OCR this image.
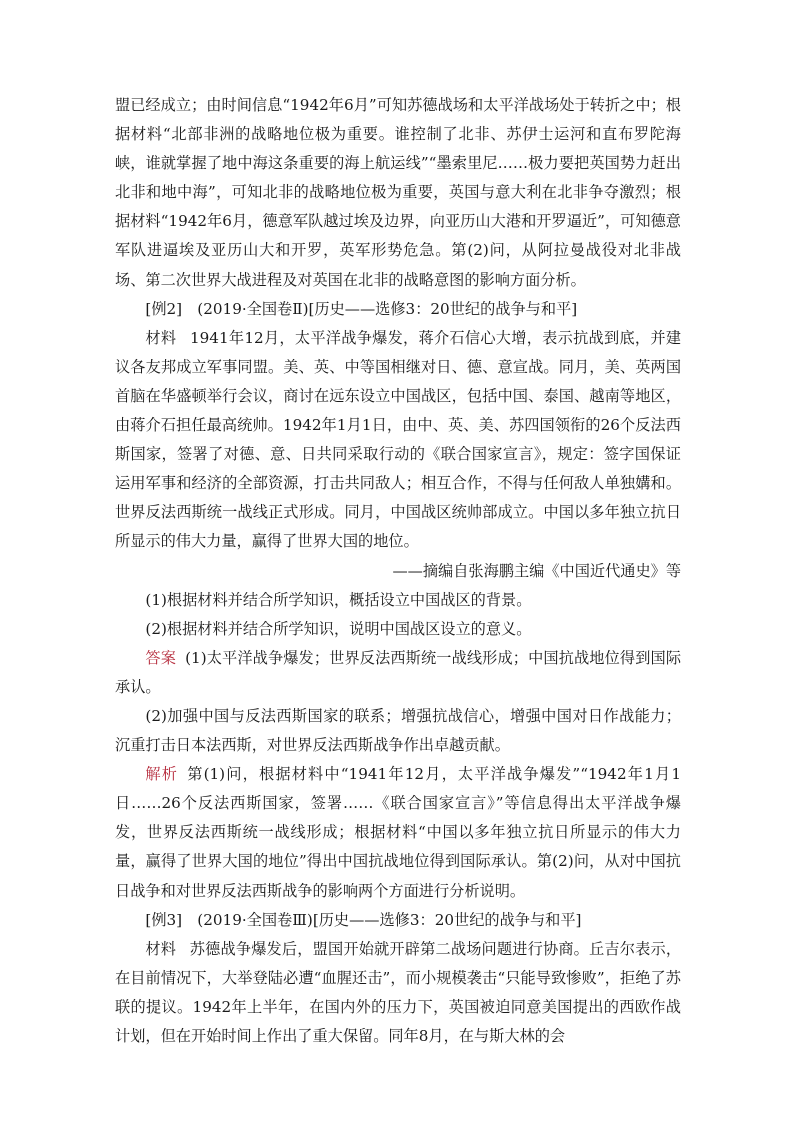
盟已经成立；由时间信息“1942年6月”可知苏德战场和太平洋战场处于转折之中；根据材料“北部非洲的战略地位极为重要。谁控制了北非、苏伊士运河和直布罗陀海峡，谁就掌握了地中海这条重要的海上航运线”“墨索里尼……极力要把英国势力赶出北非和地中海”，可知北非的战略地位极为重要，英国与意大利在北非争夺激烈；根据材料“1942年6月，德意军队越过埃及边界，向亚历山大港和开罗逼近”，可知德意军队进逼埃及亚历山大和开罗，英军形势危急。第(2)问，从阿拉曼战役对北非战场、第二次世界大战进程及对英国在北非的战略意图的影响方面分析。

[例2]　(2019·全国卷Ⅱ)[历史——选修3：20世纪的战争与和平]

材料 1941年12月，太平洋战争爆发，蒋介石信心大增，表示抗战到底，并建议各友邦成立军事同盟。美、英、中等国相继对日、德、意宣战。同月，美、英两国首脑在华盛顿举行会议，商讨在远东设立中国战区，包括中国、泰国、越南等地区，由蒋介石担任最高统帅。1942年1月1日，由中、英、美、苏四国领衔的26个反法西斯国家，签署了对德、意、日共同采取行动的《联合国家宣言》，规定：签字国保证运用军事和经济的全部资源，打击共同敌人；相互合作，不得与任何敌人单独媾和。世界反法西斯统一战线正式形成。同月，中国战区统帅部成立。中国以多年独立抗日所显示的伟大力量，赢得了世界大国的地位。

——摘编自张海鹏主编《中国近代通史》等

(1)根据材料并结合所学知识，概括设立中国战区的背景。

(2)根据材料并结合所学知识，说明中国战区设立的意义。

答案 (1)太平洋战争爆发；世界反法西斯统一战线形成；中国抗战地位得到国际承认。

(2)加强中国与反法西斯国家的联系；增强抗战信心，增强中国对日作战能力；沉重打击日本法西斯，对世界反法西斯战争作出卓越贡献。

解析 第(1)问，根据材料中“1941年12月，太平洋战争爆发”“1942年1月1日……26个反法西斯国家，签署……《联合国家宣言》”等信息得出太平洋战争爆发，世界反法西斯统一战线形成；根据材料“中国以多年独立抗日所显示的伟大力量，赢得了世界大国的地位”得出中国抗战地位得到国际承认。第(2)问，从对中国抗日战争和对世界反法西斯战争的影响两个方面进行分析说明。

[例3]　(2019·全国卷Ⅲ)[历史——选修3：20世纪的战争与和平]

材料 苏德战争爆发后，盟国开始就开辟第二战场问题进行协商。丘吉尔表示，在目前情况下，大举登陆必遭“血腥还击”，而小规模袭击“只能导致惨败”，拒绝了苏联的提议。1942年上半年，在国内外的压力下，英国被迫同意美国提出的西欧作战计划，但在开始时间上作出了重大保留。同年8月，在与斯大林的会
